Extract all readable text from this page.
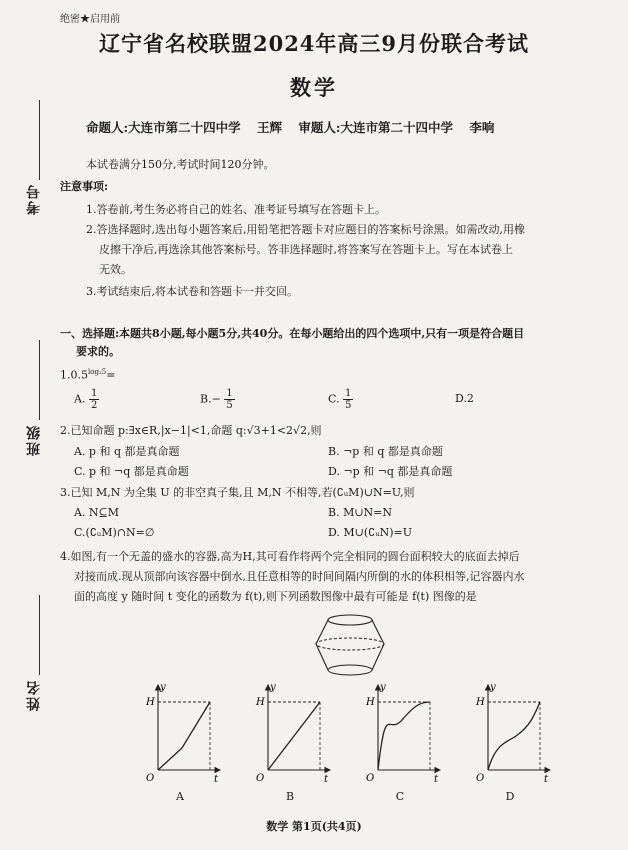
绝密★启用前
辽宁省名校联盟2024年高三9月份联合考试
数学
命题人:大连市第二十四中学 王辉 审题人:大连市第二十四中学 李响
考号
班级
姓名
本试卷满分150分,考试时间120分钟。
注意事项:
1.答卷前,考生务必将自己的姓名、准考证号填写在答题卡上。
2.答选择题时,选出每小题答案后,用铅笔把答题卡对应题目的答案标号涂黑。如需改动,用橡
皮擦干净后,再选涂其他答案标号。答非选择题时,将答案写在答题卡上。写在本试卷上
无效。
3.考试结束后,将本试卷和答题卡一并交回。
一、选择题:本题共8小题,每小题5分,共40分。在每小题给出的四个选项中,只有一项是符合题目
要求的。
$1.0.5^{log_25}=$
A. $\frac{1}{2}$	$B.- \frac{1}{5}$	C. $\frac{1}{5}$	D.2
2.已知命题 p:∃x∈R,|x−1|<1,命题 q:√3+1<2√2,则
A. p 和 q 都是真命题	B. ¬p 和 q 都是真命题
C. p 和 ¬q 都是真命题	D. ¬p 和 ¬q 都是真命题
3.已知 M,N 为全集 U 的非空真子集,且 M,N 不相等,若(∁ᵤM)∪N=U,则
A. N⊆M	B. M∪N=N
C.(∁ᵤM)∩N=∅	D. M∪(∁ᵤN)=U
4.如图,有一个无盖的盛水的容器,高为H,其可看作将两个完全相同的圆台面积较大的底面去掉后
对接而成.现从顶部向该容器中倒水,且任意相等的时间间隔内所倒的水的体积相等,记容器内水
面的高度 y 随时间 t 变化的函数为 f(t),则下列函数图像中最有可能是 f(t) 图像的是
y
t
O
H
y
t
O
H
y
t
O
H
y
t
O
H
A	B	C	D
数学 第1页(共4页)
